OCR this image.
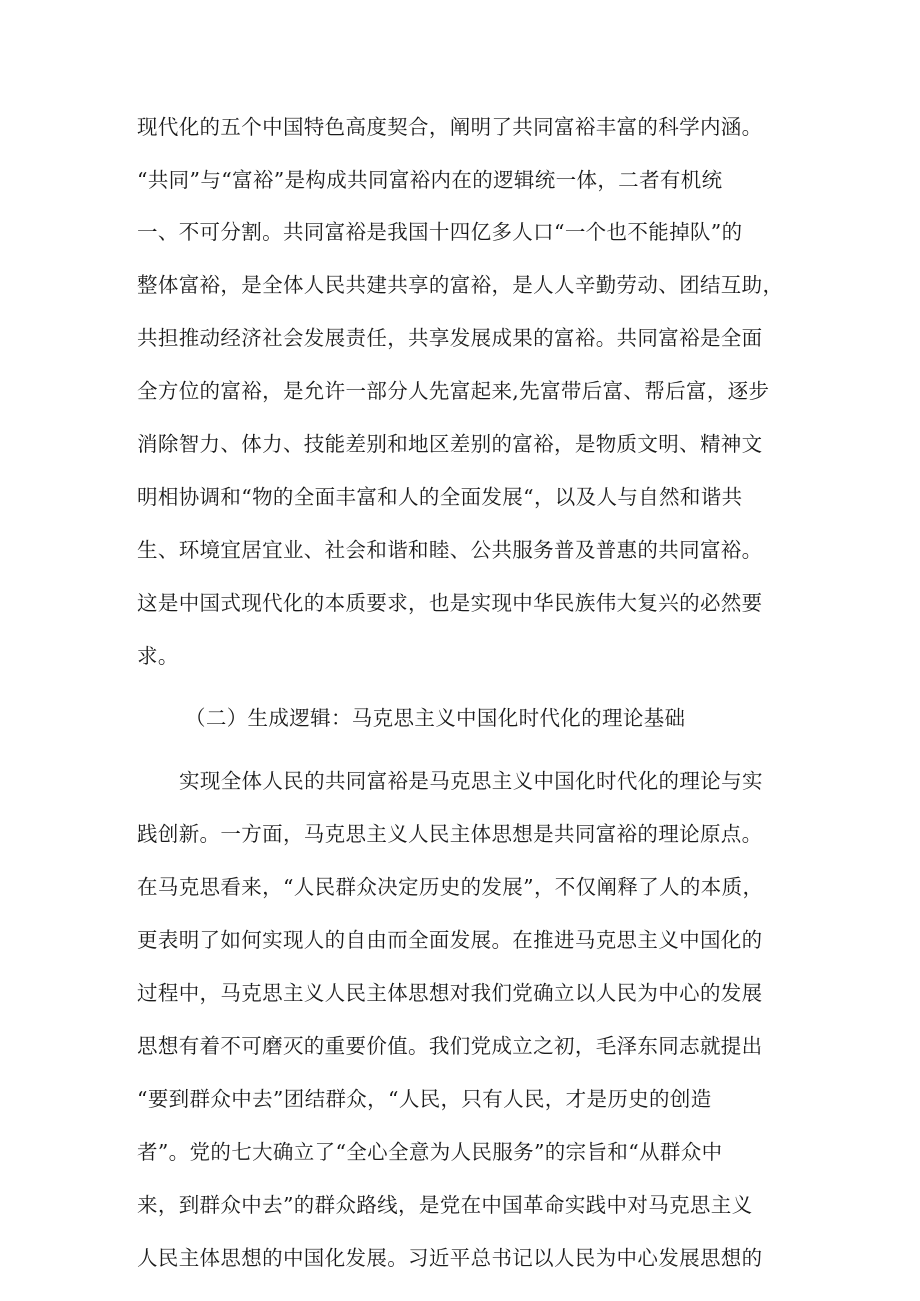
现代化的五个中国特色高度契合，阐明了共同富裕丰富的科学内涵。
“共同”与“富裕”是构成共同富裕内在的逻辑统一体，二者有机统
一、不可分割。共同富裕是我国十四亿多人口“一个也不能掉队”的
整体富裕，是全体人民共建共享的富裕，是人人辛勤劳动、团结互助，
共担推动经济社会发展责任，共享发展成果的富裕。共同富裕是全面
全方位的富裕，是允许一部分人先富起来,先富带后富、帮后富，逐步
消除智力、体力、技能差别和地区差别的富裕，是物质文明、精神文
明相协调和“物的全面丰富和人的全面发展“，以及人与自然和谐共
生、环境宜居宜业、社会和谐和睦、公共服务普及普惠的共同富裕。
这是中国式现代化的本质要求，也是实现中华民族伟大复兴的必然要
求。
（二）生成逻辑：马克思主义中国化时代化的理论基础
实现全体人民的共同富裕是马克思主义中国化时代化的理论与实
践创新。一方面，马克思主义人民主体思想是共同富裕的理论原点。
在马克思看来，“人民群众决定历史的发展”，不仅阐释了人的本质，
更表明了如何实现人的自由而全面发展。在推进马克思主义中国化的
过程中，马克思主义人民主体思想对我们党确立以人民为中心的发展
思想有着不可磨灭的重要价值。我们党成立之初，毛泽东同志就提出
“要到群众中去”团结群众，“人民，只有人民，才是历史的创造
者”。党的七大确立了“全心全意为人民服务”的宗旨和“从群众中
来，到群众中去”的群众路线，是党在中国革命实践中对马克思主义
人民主体思想的中国化发展。习近平总书记以人民为中心发展思想的
